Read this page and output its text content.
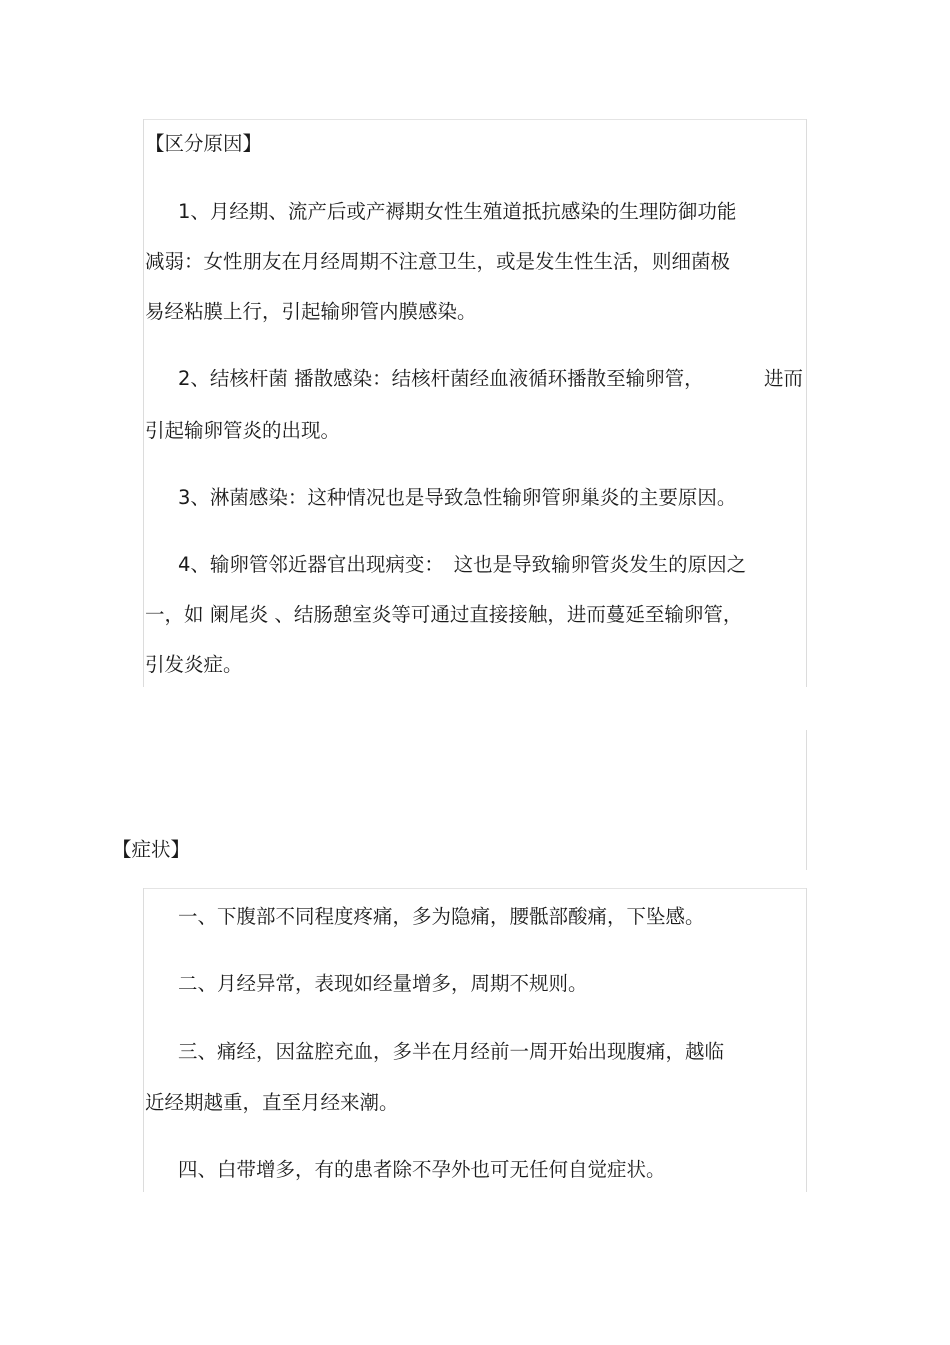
【区分原因】
1、月经期、流产后或产褥期女性生殖道抵抗感染的生理防御功能
减弱：女性朋友在月经周期不注意卫生，或是发生性生活，则细菌极
易经粘膜上行，引起输卵管内膜感染。
2、结核杆菌 播散感染：结核杆菌经血液循环播散至输卵管，	进而
引起输卵管炎的出现。
3、淋菌感染：这种情况也是导致急性输卵管卵巢炎的主要原因。
4、输卵管邻近器官出现病变：　这也是导致输卵管炎发生的原因之
一，如 阑尾炎 、结肠憩室炎等可通过直接接触，进而蔓延至输卵管，
引发炎症。
【症状】
一、下腹部不同程度疼痛，多为隐痛，腰骶部酸痛，下坠感。
二、月经异常，表现如经量增多，周期不规则。
三、痛经，因盆腔充血，多半在月经前一周开始出现腹痛，越临
近经期越重，直至月经来潮。
四、白带增多，有的患者除不孕外也可无任何自觉症状。
